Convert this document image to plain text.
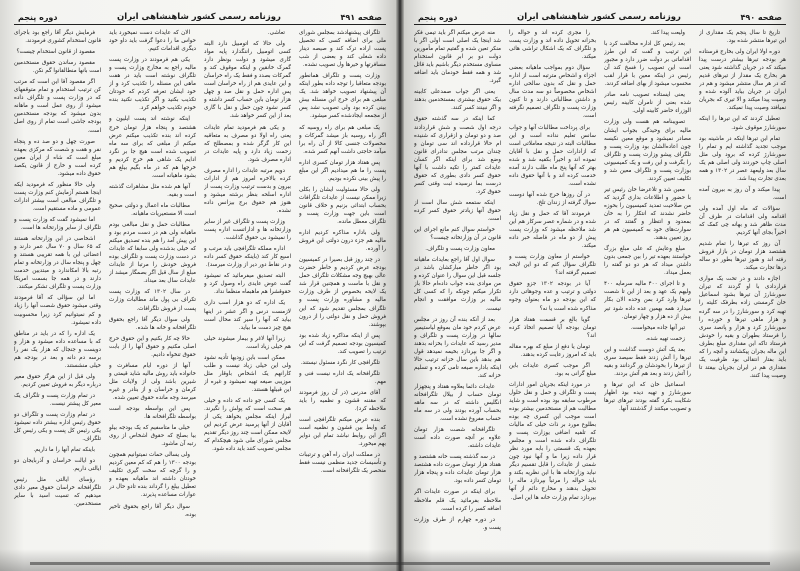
صفحه ۴۹۱
روزنامه رسمی کشور شاهنشاهی ایران
دوره پنجم

تلگراف پیشنهادشد بمجلس شورای ملی برای اضافه کسی که تحصیل پست اراده ترک کند و صیصه دینار داده شغلی کند و بعضی از شب مسافرتها و خیرها ول تصویب نشده.

وزارت پست و تلگراف همانطور بودجه متعاقبا را توجه داده بطور اینکه آن پیشنهاد تصویب خواهد شد. یک مبلغی هم برای خرج این مسئله بیش بینی کرده بود ولی تصویب نشد پس از مجمعه ایجادشده کسر میشود.

یک مبلغی هم برای راه روسیه که اگر راه روسیه باز میشد گمرکات و محصولات جنسی کالا از آن راه برا میآمد حاجتی داشت آنهم کسر شده.

پس هفتاد هزار تومان کسری اداره پست را ما هم میدادیم اگر این مبلغ را پیش بینی نکرده بودیم.

ولی حالا مسئولیت ایشان را بکلی زیرا ممکن نیست از عایدات تلگرافات بحساب ابتدائی بزنیم و خلاف قانون است باین جهت وزارت پست و تلگراف معطل مانده.

ولی باداره مذاکره کردیم اداره مالیه هم جزء درون دولتی این فروش را آورده.

در چند روز قبل بصیرا در کمیسیون بودجه عرض کردیم و خاطر حضرت عالی بهیچ وجه مشکلات تلگراف حمل و نقل با ماست و همچنین قرار شد یک لایحه بخصوص از طرف وزارت مالیه و مشاوره وزارت پست و تلگراف بمجلس تقدیم شود که این فروش حمل و نقل دولتی را از درون بپوشند.

پس از اینکه مذاکره زیاد شده بود کمیسیون بودجه تصمیم گرفت که این ترتیب را تصویب کند.

تلگرافچی کار نگرد مسئول نیستند.

تلگرافخانه یک اداره نیست فنی و مهم.

آقای مدرس (در آن روز فرمودند که مقننه قشون و نظمیه را باید ملاحظه کرد).

بنده عرض میکنم تلگرافچی است که وابط بین قشون و نظمیه است اگر این روابط نباشد تمام این دوایر بهم میخورد.

در مملکت ایران راه آهن و ترتیبات و تأسیسات جدید منظمی نیست فقط منحصر یک تلگرافخانه است.

تعاشی.

ولی حالا که اتومبیل دارد البته کسی اتومبیل راننگدارد پایه مواد گاری میشود و دولت بونظر دارد گمرک خانقین و اینکه موقوف کند و گمرکات بصدد و فقط یک راه خراسان و این عایدی هم از راه خراسان است پس اداره حمل و نقل صد و چهل هزار تومان باین حساب کسر داشته و کسر نشود چون حمل و نقل با گاری بعد از این کسر خواهد شد.

و یکی هم فرمودید تمام عایدات یعنی راه اولا دو مصرف به متعاقبه این کار گرگر شده و بمصطلح که زحمت زیاد دارد و پایه عایدات در اداره مصرف شود.

دویم مرتبه عایدات را اداره مصرف کرده بالاخره امروز هم از ادارات بیرون و بدست ترتیب وزارت پست از اداره اسلحه بنظر برشته میشود و هنوز هم حقوق برج بیزانس داده نشده.

وزارت پست و تلگراف غیر از سایر وزارتخانه ها و اداراتست اداره پست را نمیشود بی حقوق گذاشت.

اداره مملکه تلگرافچی باید مرتب و اسیع کار کند (باینکه حقوق کسر داده و در نقاط دور دیر از وزارت میرسد).

البته تصدیق میفرمائید که نمیشود گفت عوض عایدی راه وصول کرد و حقوقشرا هم ماهبماه منظما نداد.

یک اداره که دو هزار اسب داری لازمست درس و اگر عشر در اینها بیاید که آنها را سیر کند محال است هیچ چیز دست ما بیاید.

زیرا آنها لاغر و بیمار میشوند خیلی هم خیلی زیاد است.

ممکن است باین زودیها تأدیه نشود ولی این خیلی زیاد نیست و طلب کارانهم یک اشخاص باوقار مثل موزیبی صیغه تهیه نمیشود و غیره از این قبیلها هستند.

یک کسی جو داده که داده و خیلی هم سخت است که پولش را نگیرند. لیراز اینکه مجلس بخواهد یکی از آقایان از آنها پرسید عرض کردیم این لایحه ممکن است چند روز دیگر تقدیم مجلس شورای ملی شود هیچکدام که مجلس تصویب کنند باید داده شود.

الان که عایدات دست نمیخورد باید حواس ما را دعوا گرفت باید داو خود دیگری اقدامات کنیم.

یکی هم فرمودند در وزارت پست مالیه راجع به مخارج وزارت پست و تلگراف نوشته است باید در هفت ماهی این مسئله را تکذیب کرد و از خود ایشان تعرفه کردم که خودتان تکذیب بکنید و اگر تکذیب نکنید بنده خودم تکذیب خواهم کرد.

اینکه نوشته اند پست ایلیون و هشتصد و پنجاه هزار تومان خرج کرده اند بنده تکذیب میکنم عرض میکنم از مبلغی که برای سه ماه تصویب شده است هیچ جا بر نگرد ادایم یک شاهی هم خرج کردیم و خرجها هم که در ماه بگیم بیلغ هم بشود ماهیانه است.

آنها هم شده مثل مشاهرات گذشته است و بقیه.

مطالبات ماه اعمال و دولتی صحیح است الا مستعیریات ماهیانه.

مطالبات حمل و نقل مبالغی بودم ماهیانه ولی هم در دست مردم بود و این پیش آمد را هم بنده تصدیق میکنم که خیلی بدشده ولی سابقا که عایدات در دست وزارت پست و تلگراف بوده فروش خودش را مرتبا از عایدات مبلغ از سال قبل اگر بصمگار میشد از عایدات سال بعد میداد.

در سال ۱۳۰۲ که وزارت پست تکراف بی پول ماند مطالبات وزارت پست از فروش تلگرافات.

ولی سوال دیگر آقا راجع بحقوق تلگرافخانه و خانه ها شده.

حالا چه کار بکنیم و این حقوق حرج اصلی مکنیم و حقوق آنها را از بابت حقوق تنخواه دادیم.

آنها از دوره ایام مسافرت و خانواده باید روش مالیه شاید قیمتی و شیرین باشد ولی از ولایات مثل کرمان و خراسان و از بنادر و غیره میرسد وجه مانده حقوق تعیین شده.

پس این بواسطه بودجه است بواسطه تلگرافخانه ها.

خیلی ما متاسفیم که یک بودجه بیلو بیا بصلح که حقوق اشخاص از روی رتبه آن ماشود.

ولی یسالی حمات نمیتوانیم همچون بودجه ۱۳۰۰ را هم که کم معین کردیم و را گرچه که سخت گیری تکلیف خودتان داشته اند ماهیانه بعهده و تعطیل بیلغ را گرداند بنده تادو حال در عوارات مساعده پذیرند.

سوال دیگر آقا راجع بحقوق تاخیر بوده.

فرمایش دیگر آقا راجع بود باجرای قانون استخدام کشوری فرمودند.

مقصود از قانون استخدام چیست؟

مقصود رساندن حقوق مستخدمین است بانها منطالقانوا گم نکن.

اگر مقصود آقا این است که مرتب کن ترتیب استخدام و تمام متوقفهای که در وزارت پست و تلگراف داده میشود از روی عمل است و ماهانه بدون میشود که بودجه مستخدمین بودجه جاشی است تمام از روی اصل است.

صورت چهل و دو صد ده و پنجاه نفر و هفت و شصت که مرکزی بعهده مبلغ است که شاه از ایران معین کرده است و خارج از قانون یکصد حقوق داده میشود.

ولی حالا منظور که فرمودید ایکه اینجا هستم آزمایش کنم وزارت پست و تلگراف مبالغی است بیشتر ادارات عمومی و ماده مستقیم است.

اما نمیشود گفت که وزارت پست و تلگراف از سایر وزارتخانه ها است.

اشخاصی در این وزارتخانه هستند که ۶۵ سال و ۷۰ سال عمر دارند و اعضائی این با همه تقریبی هستند و چهل و پنجاه سال در وزارتخانه و تمام رتبه بالا امکاندارد و مبتدیین خدمت دارند و در همه جا بسمت امریکا وزارت پست و تلگراف تشکر میکنند.

اما این سؤالی که آقا فرمودند وقتی میشود حقوق شصت آنها را زیاد و کم نمیتوانیم کرد زیرا محسوبیت داده نمیشود.

یک اداره را که در باید در مناطق که با مساعده داده میشود و هزار و دویست و جنجال که هزار یک نفر را برسه دم دانه و بعد در بودجه هم خیلی منشستند.

ولی قبل از این هرگز حقوق معیر درباره دیگر به فروش تعیین کردیم.

در تمام وزارت پست و تلگراف یک معیر کل پیشتر نیست.

در تمام وزارت پست و تلگراف دو حقوق رئیس اداره بیشتر داده نمیشود یکی رئیس کل پست و یکی رئیس کل تلگراف.

باینکه تمام آنها را ما داریم.

دو ایالت خراسان و آذربایجان دو ایالتی داریم.

رؤسای ایالتی مثل رئیس تلگرافخانه خراسان حقوق معیر دادی میدهیم که تسیت اسید با سایر مستخدمین.

صفحه ۴۹۰
روزنامه رسمی کشور شاهنشاهی ایران
دوره پنجم

تاریخ تا سال پنجم یک مقداری از این تیرها منتشر شده بود.

دوره اولا ایران ولی بخارج فرستاده هر بودجه تیرها بیشتر درست پیدا میکند که در جریان گذاشته شود یعنی هر بخارج یک مقدار از تیرهای قدیم که در هر سال منتشر میشود و هم در ایران در جریان بیاید آلوده شده و وصیت پیدا میکند و الا تیری که بجریان نمیافتد وصیت پیدا نمیکند.

تعطیل کردند که این تیرها را اینکه سورشارژ موقوف شود.

تمام این تیرها اینکه در ماشینه بود موجب تجدید گذاشته ایم و تمام را سورشارژ کرده که برود ولی مثل اصلی چاپ خوردند ولی اصلی هم یک سال بعد ولیعهد عصر در ۱۳۰۲ و همه بعدی تجارت پیدا شد.

پیدا میکند و آن روز به بیرون آمده است.

سؤالات که ماه اول آمده ولی اقدامه ولی اقدامات در ظرف آن مدت ظاهر شد و بهانه چی کمک که اخیراً بجای آنها کردیم.

آن روز که تیرها را تمام شدیم هشتصد هزار تومان در بازار فروش رفته اند و هنوز تیرها بطور دو ساله درها تجارت میکند.

اجازه دادند و در تحت یک مواری قراردادی با او گردند که تیران سورشارژ آن تیرها بشود اسماعیل خان گرمستی زاده بطرفک کلیته را تهیه کرد و سورشارژ را در سه گرده و هزار ماهی تیرها و خورده را سورشارژ کرد و هزار و پانصد سری را فرستاد بطهران و بقیه را خودش فرستاد تاکه این مقداری مبلغ بطرف این ماله بجران پیکشانند و آنچه را که باید بفتار انتقالی بود ظرفیت یک مقداری هم در ایران بجریان بیفتد تا وصیت پیدا کنند.

ولیعت پیدا کند.

بعد رئیس کل اداره مخالفت کرد با این ترتیب و گفت که این طرز اقداماتی بر دولت ضرر دارد و مجبور است این تصویب را فسخ کند آن رئیس در اینکه معین با قرار لقب محسوب میشود از بهای اضافه کردند.

یعنی ایستاده تصویب نامه صادر شده بعنی از نامران کابینه رئیس الوزراء حاضر کابینه اولی.

تصویبنامه هم هست ولی وزارت مالیه برای وحیدگی بجواب ایشان مصادر نمیشود و موقع معین نکیسه چون اعاده‌الشان بود وزارت پست و تلگراف پیشو وزارت پست و تلگراف را بگرفت و این رفت و یک کمیسیونی بوزارت پست و تلگراف معین شد و تکلیف تعیین کردند.

معین شد و تلاعرضا خان رئیس تیر با حضور و اطلاعات بداری گردید که من صلاحیت تمدید کمیسیون را بحوزه حاضر نشدند که انتکار را به خان بمعدود و انتظار و گفتند که در سوارت‌های خود به کمیسیون هم هر روز تعیین بدهند.

مبلغ وعایش که علی مبلغ بزرگ خواستند بعهده تیر را بین جمعی بدون داشتن میداد که هر دو دو گفته را بعمل میداد.

و تا اجرای ۴۰۰ مالیه سرمایه ۴۰۰ ولیهم یک عهد و بعد از این تا شصت تیرها وارد کرد بمن وحده الان بکار میدارد همه بهمین عده داده شود تیر بیش از ده هزار و چهار تومان.

تیر آنها جاده میخواست.

زحمت تهیه شده.

بعد یک آتش دوست گذاشت و این تیرها را آتش زدند فقط سیصد سری از تیرها را بخودشان ور گردانند و بقیه را آتش زدند و بعد هم آتش بردند.

اسماعیل خان که این تیرها و سورشارژ و تهیه دیده بود اظهار شکایت بکرد گفته بودند تیرهای تیرها و تصویب میکنند از گذشتند آنها.

را مجری کرده اند و حواله را بخزانه تحویل داده اند و وزارت پست و تلگراف که یک اشکال تراشی هائی میکند.

سؤال دوم بمواجب ماهیانه بعضی اجزاء و اشخاص مترتبه است از اداره حمل و نقل که بدون سالحی اداره اشخاص مخصوصاً دو سه مدت سال و داشتن مطالباتی دارند و تا کنون وزارت پست و تلگراف تصمیم نگرفته است.

برای پرداخت مطالبات آنها و جواب سانس تعلیم نداده است و این مطالبات البته در نتیجه معاملاتی است که ازادارات حمل و نقل با آقایان نموده اند و اخیراً بکفیه شد و شده بهتر که آنها پنج ماه طلب دارند آمده خدمت کرده اند و با آنها حقوق داده نشده است.

در آن روزها خرج شده آنها دوست سوال گرفته از زندان تلخ.

فرمودند آقا که حمل و نقل زیاد شده و در شماره عصر سرکار هم این شد ملاحظه میشود که وزارت پست پیش از دو ماه در فاصله خبر داده میکند.

خواستم از معاون وزارت پست و تلگراف سؤال کنم که دو این لایحه تصمیم گرفته اند؟

آیا در بودجه ۱۳۰۲ جزو حقوق دولتی و ترتیب و عده وجوهاتی دارد که این بودجه دو ماه بعنوان وجوه مذاکره شده است یا نه؟

گویا بالغ بر قسمت هفتاد هزار تومان بودجه آیا تصمیم اتخاذ کرده اند؟

تومان یا دفع از مبلغ که بهره مقاله باید که امروز رعایت کرده بدهند.

اگر موجب کسری عایدات باین مبلغ گرانی به بود.

در مورد اینکه بجریان امور ادارات پست و تلگراف و حمل و نقل حلول مرطوب سابقه بود بوده است و شاید مطالبت هم از مستخدمین بیشتر بوده است موجب این کسری چه بوده بطلوع مورد بر ذات خیلی که مالیات که تلفیه اضافی یوزارت پست و تلگراف داده شده است و مجلس بعهده یک قسمتی را بابه مورد نظر قرار داده زیرا ما و آنها نبود چون شمتی از عایدات را قابل تقسیم دیگر نباید وزارتخانه ها با این نظریه بکند و باید حواله را مرتباً بپردازد ماله را تحویل بدهند و مخارج دائم از آنها بپردازد تمام وزارت خانه ها این اصل.

منه عرض میکنم اگر باید تیمی فکر شد اینجا یک اصلی است اولی اگر با منکر تعین شده و گفتیم تمام مأمورین دولت دو بر ابر قانون استخدام مساوی مستخدم دیگر باشیم باید قائل شد و همه فقط خودمان باید اضافه گیرد.

یعنی اگر جواب صمدعلی کابینه بیک حقوق بیشتری بمستخدمین بدهند و اگر نبینند کسر کنند.

کما اینکه در سه گذشته حقوق درجه اول شصت و شش قراردادند صد و دو تومان و ازقراری که شنیده ام حالا قرارداده اند سی تومان و چندان مرتب مجلس ندادرای قانون وضع شد برای اینکه اگر کسان عایدات کمتر را تکیه داشت با آنها حقوق کسر دادی بطوری که حقوق درست بما نرسیده ثبت وقتی کسر حقوق کرد.

اینکه ستمعه شش سال است از حقوق آنها زیادتر حقوق کسر کرده است.

خواستم سوال کنم مانع اجرای این قانون در آن وزارتخانه چیست؟

معاون وزارت پست و تلگراف.

سوال اول آقا راجع بعایدات ماهیانه بود اگر خاطر مبارکشان باشد در جلسه قبل این سوال را عنوان کرده و من موادی بنده جواب داده‌ام حالا باز تکرار میکنم چونکه را که کسی کل مالیه بر وزارت موافقت و انجام نیست.

بعد از آنکه بنده آن روز در مجلس عرض کردم خود مان بموقع لیاستیمیر سالها در وزارت پست و تلگراف و مدیر رسید که عایدات را بخزانه بدهند و اگر جا بپردازد بخیمه نمیدهد قول هم بدهد باین سال خزانه ترتیب حالا اینکه باداره صیغه تامی کرده و تسلیم خزانه کند.

عایدات دائما یعلاوه هفتاد و پنجهزار تومان حساب از بیلال تلگرافخانه انگلیس داشته که در سه ماهه بحساب آورده بودند ولی در سه ماه حساب مفروغ نشده است.

تلگرافخانه شصت هزار تومان علاوه بر آنچه صورت داده است عایدات داشته.

در سه گذشته پست خانه هشتصد و هفتاد هزار تومان صورت داده هشتصد هزار تومان عایدات داده و پنجاه هزار تومان کسر داده بود.

برای اینکه در صورت عایدات اگر ملاحظه بفرمائید یک قلم ملاحظه اضافه کسر را کرده است.

در دوره چهارم از طرف وزارت پست و.
